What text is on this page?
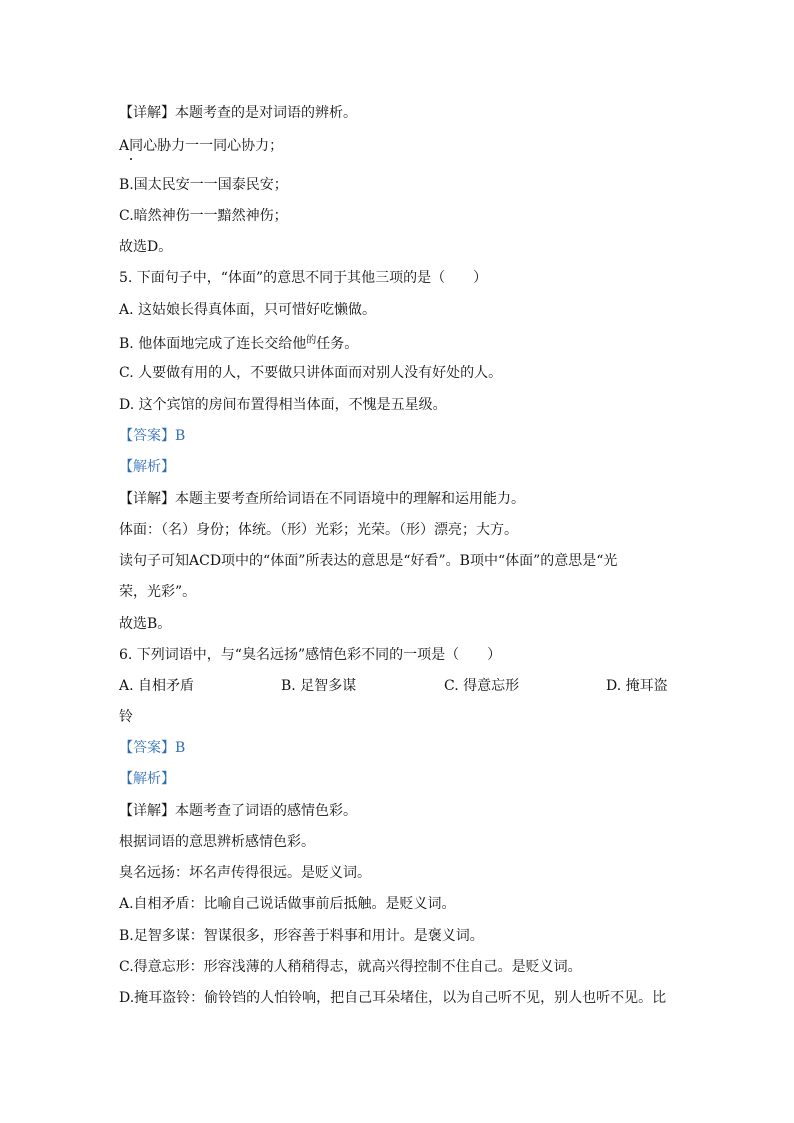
【详解】本题考查的是对词语的辨析。
A同心胁力一一同心协力；
B.国太民安一一国泰民安；
C.暗然神伤一一黯然神伤；
故选D。
5. 下面句子中，“体面”的意思不同于其他三项的是（　　）
A. 这姑娘长得真体面，只可惜好吃懒做。
B. 他体面地完成了连长交给他$^的$任务。
C. 人要做有用的人，不要做只讲体面而对别人没有好处的人。
D. 这个宾馆的房间布置得相当体面，不愧是五星级。
【答案】B
【解析】
【详解】本题主要考查所给词语在不同语境中的理解和运用能力。
体面：（名）身份；体统。（形）光彩；光荣。（形）漂亮；大方。
读句子可知ACD项中的“体面”所表达的意思是“好看”。B项中“体面”的意思是“光
荣，光彩”。
故选B。
6. 下列词语中，与“臭名远扬”感情色彩不同的一项是（　　）
A. 自相矛盾	B. 足智多谋	C. 得意忘形	D. 掩耳盗
铃
【答案】B
【解析】
【详解】本题考查了词语的感情色彩。
根据词语的意思辨析感情色彩。
臭名远扬：坏名声传得很远。是贬义词。
A.自相矛盾：比喻自己说话做事前后抵触。是贬义词。
B.足智多谋：智谋很多，形容善于料事和用计。是褒义词。
C.得意忘形：形容浅薄的人稍稍得志，就高兴得控制不住自己。是贬义词。
D.掩耳盗铃：偷铃铛的人怕铃响，把自己耳朵堵住，以为自己听不见，别人也听不见。比
